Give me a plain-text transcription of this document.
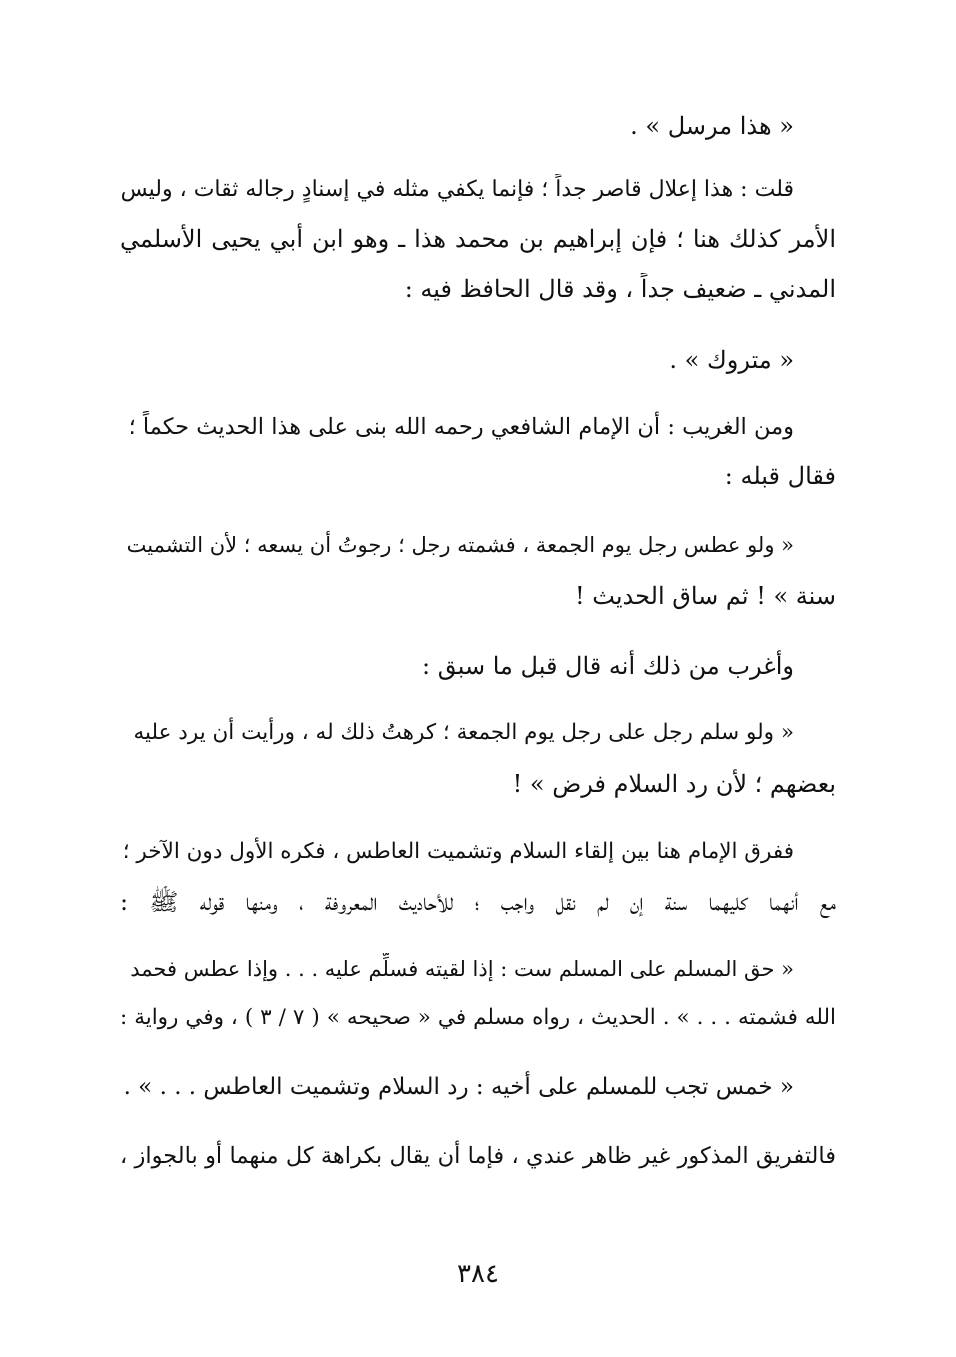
« هذا مرسل » .
قلت : هذا إعلال قاصر جداً ؛ فإنما يكفي مثله في إسنادٍ رجاله ثقات ، وليس
الأمر كذلك هنا ؛ فإن إبراهيم بن محمد هذا ـ وهو ابن أبي يحيى الأسلمي
المدني ـ ضعيف جداً ، وقد قال الحافظ فيه :
« متروك » .
ومن الغريب : أن الإمام الشافعي رحمه الله بنى على هذا الحديث حكماً ؛
فقال قبله :
« ولو عطس رجل يوم الجمعة ، فشمته رجل ؛ رجوتُ أن يسعه ؛ لأن التشميت
سنة » ! ثم ساق الحديث !
وأغرب من ذلك أنه قال قبل ما سبق :
« ولو سلم رجل على رجل يوم الجمعة ؛ كرهتُ ذلك له ، ورأيت أن يرد عليه
بعضهم ؛ لأن رد السلام فرض » !
ففرق الإمام هنا بين إلقاء السلام وتشميت العاطس ، فكره الأول دون الآخر ؛
مع أنهما كليهما سنة إن لم نقل واجب ؛ للأحاديث المعروفة ، ومنها قوله ﷺ :
« حق المسلم على المسلم ست : إذا لقيته فسلِّم عليه . . . وإذا عطس فحمد
الله فشمته . . . » . الحديث ، رواه مسلم في « صحيحه » ( ٧ / ٣ ) ، وفي رواية :
« خمس تجب للمسلم على أخيه : رد السلام وتشميت العاطس . . . » .
فالتفريق المذكور غير ظاهر عندي ، فإما أن يقال بكراهة كل منهما أو بالجواز ،
٣٨٤
